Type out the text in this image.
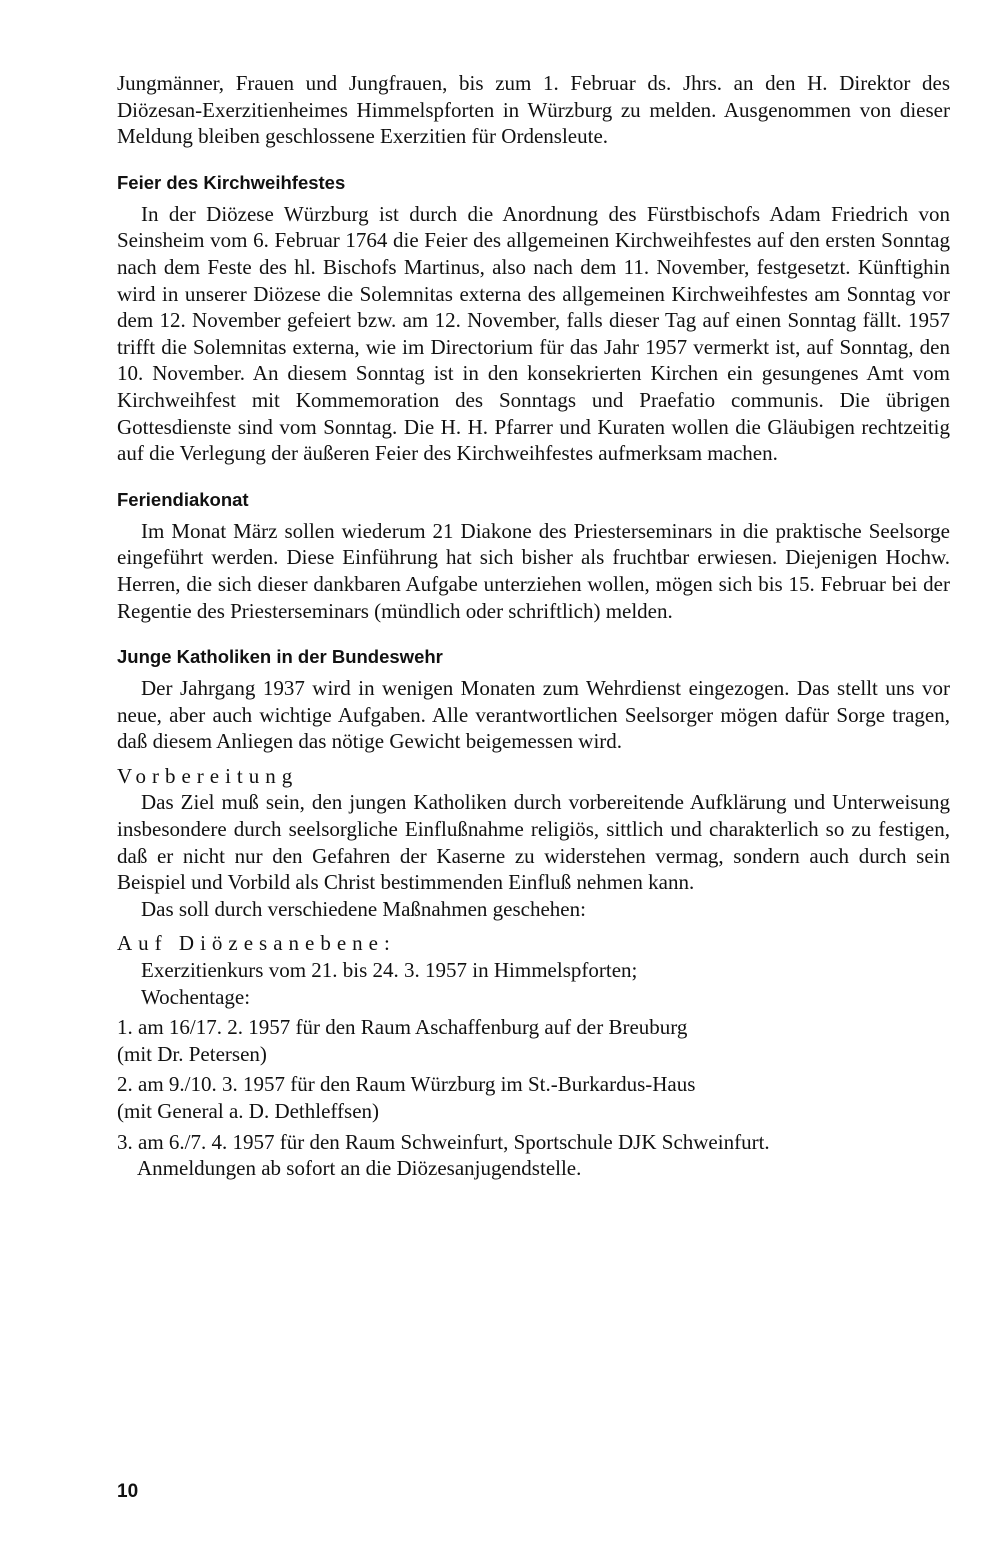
Jungmänner, Frauen und Jungfrauen, bis zum 1. Februar ds. Jhrs. an den H. Direktor des Diözesan-Exerzitienheimes Himmelspforten in Würzburg zu melden. Ausgenommen von dieser Meldung bleiben geschlossene Exerzitien für Ordensleute.

Feier des Kirchweihfestes

In der Diözese Würzburg ist durch die Anordnung des Fürstbischofs Adam Friedrich von Seinsheim vom 6. Februar 1764 die Feier des allgemeinen Kirchweihfestes auf den ersten Sonntag nach dem Feste des hl. Bischofs Martinus, also nach dem 11. November, festgesetzt. Künftighin wird in unserer Diözese die Solemnitas externa des allgemeinen Kirchweihfestes am Sonntag vor dem 12. November gefeiert bzw. am 12. November, falls dieser Tag auf einen Sonntag fällt. 1957 trifft die Solemnitas externa, wie im Directorium für das Jahr 1957 vermerkt ist, auf Sonntag, den 10. November. An diesem Sonntag ist in den konsekrierten Kirchen ein gesungenes Amt vom Kirchweihfest mit Kommemoration des Sonntags und Praefatio communis. Die übrigen Gottesdienste sind vom Sonntag. Die H. H. Pfarrer und Kuraten wollen die Gläubigen rechtzeitig auf die Verlegung der äußeren Feier des Kirchweihfestes aufmerksam machen.

Feriendiakonat

Im Monat März sollen wiederum 21 Diakone des Priesterseminars in die praktische Seelsorge eingeführt werden. Diese Einführung hat sich bisher als fruchtbar erwiesen. Diejenigen Hochw. Herren, die sich dieser dankbaren Aufgabe unterziehen wollen, mögen sich bis 15. Februar bei der Regentie des Priesterseminars (mündlich oder schriftlich) melden.

Junge Katholiken in der Bundeswehr

Der Jahrgang 1937 wird in wenigen Monaten zum Wehrdienst eingezogen. Das stellt uns vor neue, aber auch wichtige Aufgaben. Alle verantwortlichen Seelsorger mögen dafür Sorge tragen, daß diesem Anliegen das nötige Gewicht beigemessen wird.

Vorbereitung

Das Ziel muß sein, den jungen Katholiken durch vorbereitende Aufklärung und Unterweisung insbesondere durch seelsorgliche Einflußnahme religiös, sittlich und charakterlich so zu festigen, daß er nicht nur den Gefahren der Kaserne zu widerstehen vermag, sondern auch durch sein Beispiel und Vorbild als Christ bestimmenden Einfluß nehmen kann.

Das soll durch verschiedene Maßnahmen geschehen:

Auf Diözesanebene:

Exerzitienkurs vom 21. bis 24. 3. 1957 in Himmelspforten;

Wochentage:

1. am 16/17. 2. 1957 für den Raum Aschaffenburg auf der Breuburg
(mit Dr. Petersen)
2. am 9./10. 3. 1957 für den Raum Würzburg im St.-Burkardus-Haus
(mit General a. D. Dethleffsen)
3. am 6./7. 4. 1957 für den Raum Schweinfurt, Sportschule DJK Schweinfurt.
Anmeldungen ab sofort an die Diözesanjugendstelle.
10
